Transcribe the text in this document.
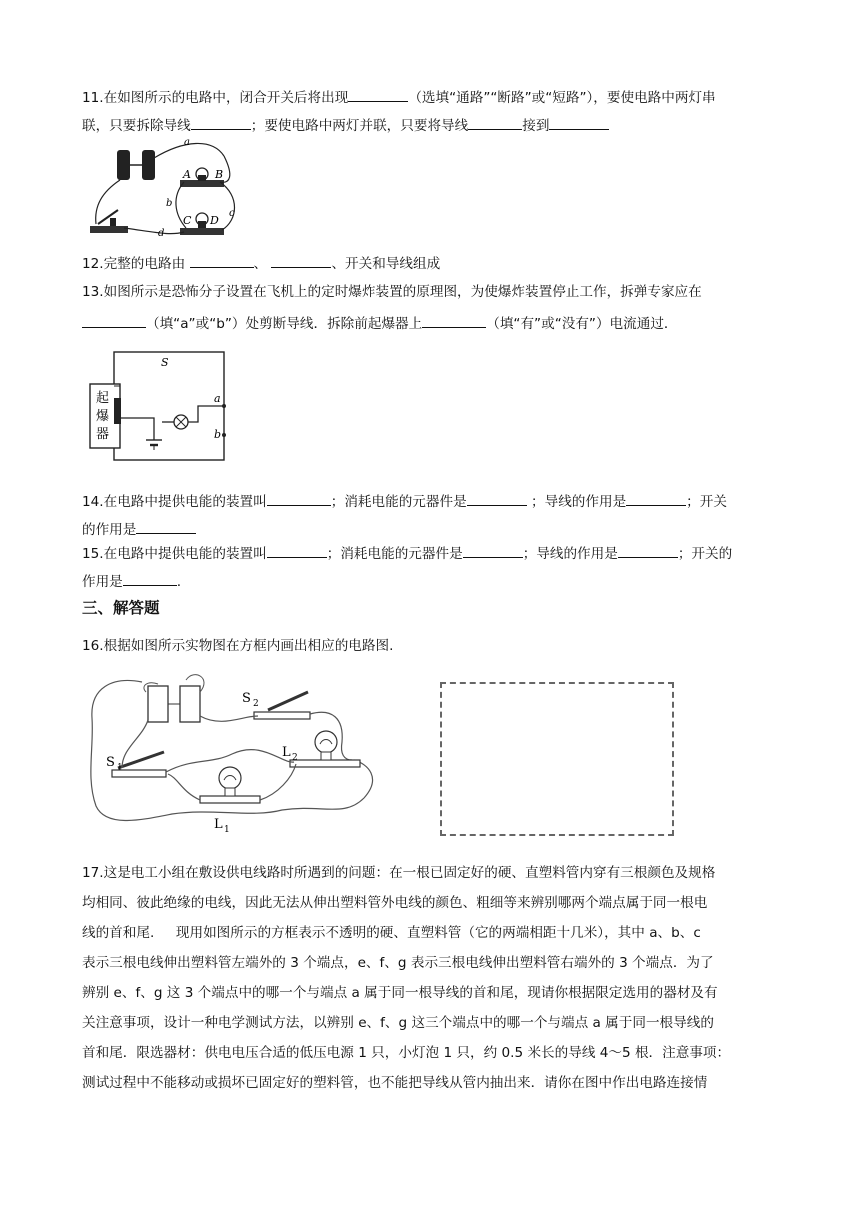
11.在如图所示的电路中，闭合开关后将出现	（选填“通路”“断路”或“短路”），要使电路中两灯串
联，只要拆除导线	；要使电路中两灯并联，只要将导线	接到

a
A B
b
C D
c
d

12.完整的电路由	、	、开关和导线组成

13.如图所示是恐怖分子设置在飞机上的定时爆炸装置的原理图，为使爆炸装置停止工作，拆弹专家应在
（填“a”或“b”）处剪断导线．拆除前起爆器上	（填“有”或“没有”）电流通过．

起
爆
器
S
a
b

14.在电路中提供电能的装置叫	；消耗电能的元器件是	；导线的作用是	；开关
的作用是

15.在电路中提供电能的装置叫	；消耗电能的元器件是	；导线的作用是	；开关的
作用是	.

三、解答题

16.根据如图所示实物图在方框内画出相应的电路图.

S 2
L 2
S 1
L 1

17.这是电工小组在敷设供电线路时所遇到的问题：在一根已固定好的硬、直塑料管内穿有三根颜色及规格
均相同、彼此绝缘的电线，因此无法从伸出塑料管外电线的颜色、粗细等来辨别哪两个端点属于同一根电
线的首和尾.     现用如图所示的方框表示不透明的硬、直塑料管（它的两端相距十几米），其中 a、b、c
表示三根电线伸出塑料管左端外的 3 个端点，e、f、g 表示三根电线伸出塑料管右端外的 3 个端点．为了
辨别 e、f、g 这 3 个端点中的哪一个与端点 a 属于同一根导线的首和尾，现请你根据限定选用的器材及有
关注意事项，设计一种电学测试方法，以辨别 e、f、g 这三个端点中的哪一个与端点 a 属于同一根导线的
首和尾．限选器材：供电电压合适的低压电源 1 只，小灯泡 1 只，约 0.5 米长的导线 4～5 根．注意事项：
测试过程中不能移动或损坏已固定好的塑料管，也不能把导线从管内抽出来．请你在图中作出电路连接情
